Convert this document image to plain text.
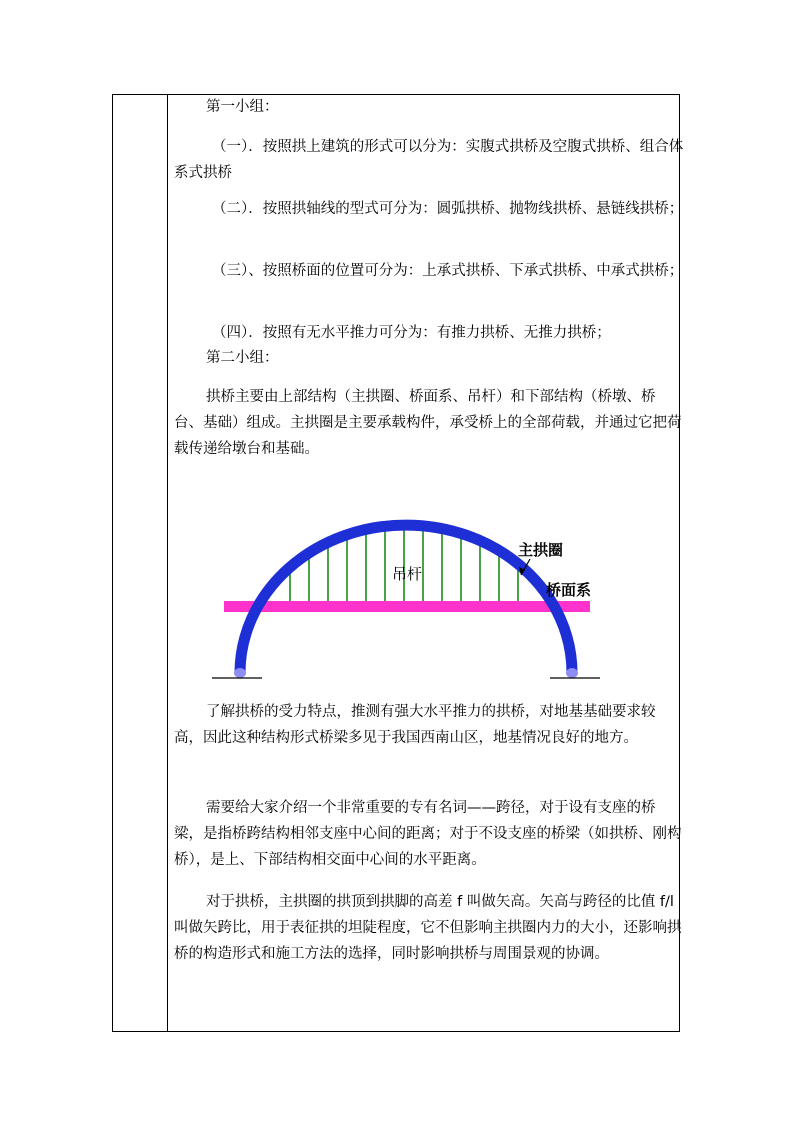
第一小组：

（一）．按照拱上建筑的形式可以分为：实腹式拱桥及空腹式拱桥、组合体系式拱桥

（二）．按照拱轴线的型式可分为：圆弧拱桥、抛物线拱桥、悬链线拱桥；

（三）、按照桥面的位置可分为：上承式拱桥、下承式拱桥、中承式拱桥；

（四）．按照有无水平推力可分为：有推力拱桥、无推力拱桥；

第二小组：

拱桥主要由上部结构（主拱圈、桥面系、吊杆）和下部结构（桥墩、桥台、基础）组成。主拱圈是主要承载构件，承受桥上的全部荷载，并通过它把荷载传递给墩台和基础。

了解拱桥的受力特点，推测有强大水平推力的拱桥，对地基基础要求较高，因此这种结构形式桥梁多见于我国西南山区，地基情况良好的地方。

需要给大家介绍一个非常重要的专有名词——跨径，对于设有支座的桥梁，是指桥跨结构相邻支座中心间的距离；对于不设支座的桥梁（如拱桥、刚构桥），是上、下部结构相交面中心间的水平距离。

对于拱桥，主拱圈的拱顶到拱脚的高差 f 叫做矢高。矢高与跨径的比值 f/l 叫做矢跨比，用于表征拱的坦陡程度，它不但影响主拱圈内力的大小，还影响拱桥的构造形式和施工方法的选择，同时影响拱桥与周围景观的协调。

吊杆
主拱圈
桥面系
